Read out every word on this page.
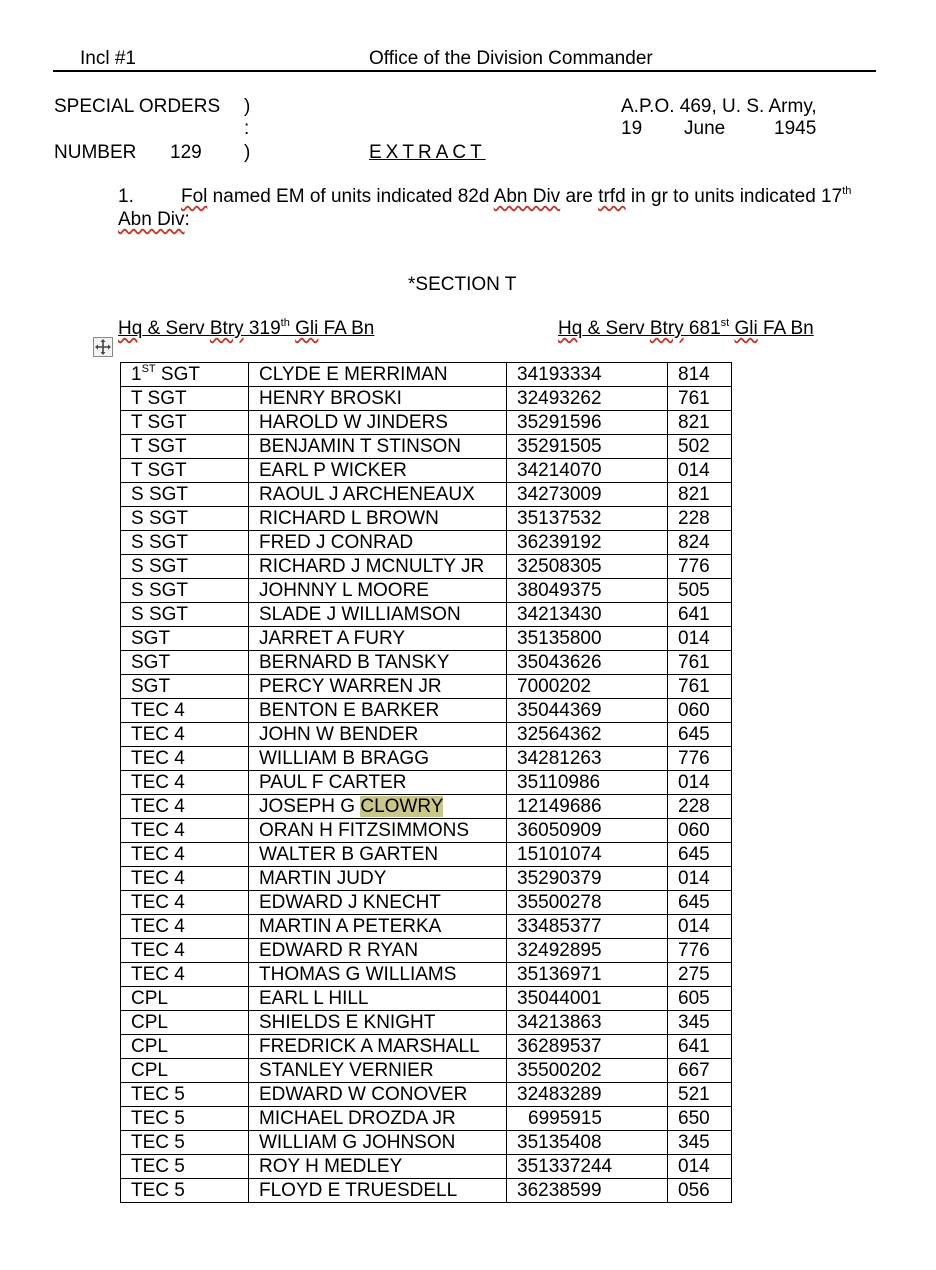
Incl #1	Office of the Division Commander
SPECIAL ORDERS )
:
NUMBER 129 )	EXTRACT
A.P.O. 469, U. S. Army,
19 June	1945
1. Fol named EM of units indicated 82d Abn Div are trfd in gr to units indicated 17th
Abn Div:
*SECTION T
Hq & Serv Btry 319th Gli FA Bn	Hq & Serv Btry 681st Gli FA Bn
1ST SGT	CLYDE E MERRIMAN	34193334	814
T SGT	HENRY BROSKI	32493262	761
T SGT	HAROLD W JINDERS	35291596	821
T SGT	BENJAMIN T STINSON	35291505	502
T SGT	EARL P WICKER	34214070	014
S SGT	RAOUL J ARCHENEAUX	34273009	821
S SGT	RICHARD L BROWN	35137532	228
S SGT	FRED J CONRAD	36239192	824
S SGT	RICHARD J MCNULTY JR	32508305	776
S SGT	JOHNNY L MOORE	38049375	505
S SGT	SLADE J WILLIAMSON	34213430	641
SGT	JARRET A FURY	35135800	014
SGT	BERNARD B TANSKY	35043626	761
SGT	PERCY WARREN JR	7000202	761
TEC 4	BENTON E BARKER	35044369	060
TEC 4	JOHN W BENDER	32564362	645
TEC 4	WILLIAM B BRAGG	34281263	776
TEC 4	PAUL F CARTER	35110986	014
TEC 4	JOSEPH G CLOWRY	12149686	228
TEC 4	ORAN H FITZSIMMONS	36050909	060
TEC 4	WALTER B GARTEN	15101074	645
TEC 4	MARTIN JUDY	35290379	014
TEC 4	EDWARD J KNECHT	35500278	645
TEC 4	MARTIN A PETERKA	33485377	014
TEC 4	EDWARD R RYAN	32492895	776
TEC 4	THOMAS G WILLIAMS	35136971	275
CPL	EARL L HILL	35044001	605
CPL	SHIELDS E KNIGHT	34213863	345
CPL	FREDRICK A MARSHALL	36289537	641
CPL	STANLEY VERNIER	35500202	667
TEC 5	EDWARD W CONOVER	32483289	521
TEC 5	MICHAEL DROZDA JR	6995915	650
TEC 5	WILLIAM G JOHNSON	35135408	345
TEC 5	ROY H MEDLEY	351337244	014
TEC 5	FLOYD E TRUESDELL	36238599	056
